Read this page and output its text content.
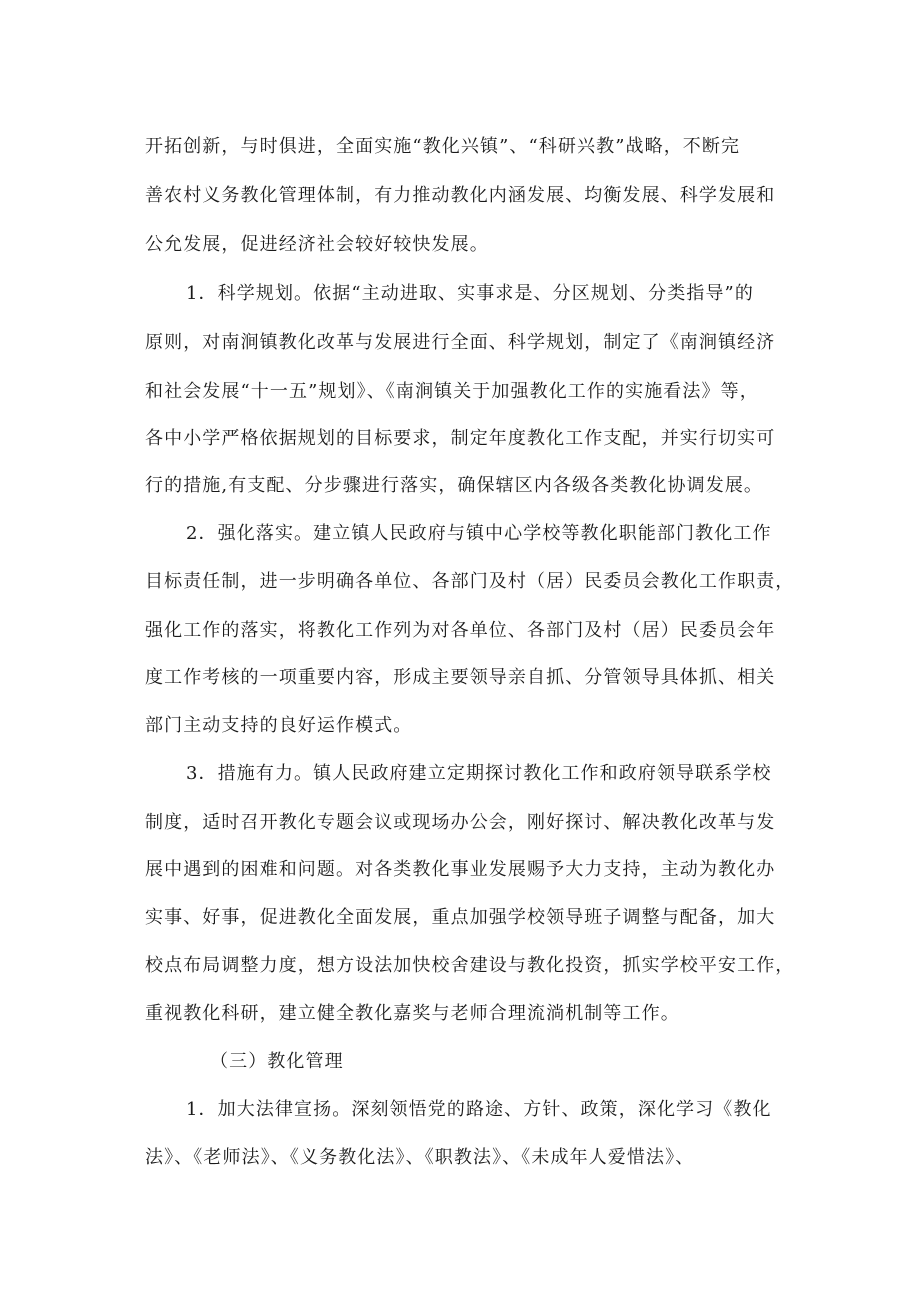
开拓创新，与时俱进，全面实施“教化兴镇”、“科研兴教”战略，不断完
善农村义务教化管理体制，有力推动教化内涵发展、均衡发展、科学发展和
公允发展，促进经济社会较好较快发展。
1．科学规划。依据“主动进取、实事求是、分区规划、分类指导”的
原则，对南涧镇教化改革与发展进行全面、科学规划，制定了《南涧镇经济
和社会发展“十一五”规划》、《南涧镇关于加强教化工作的实施看法》等，
各中小学严格依据规划的目标要求，制定年度教化工作支配，并实行切实可
行的措施,有支配、分步骤进行落实，确保辖区内各级各类教化协调发展。
2．强化落实。建立镇人民政府与镇中心学校等教化职能部门教化工作
目标责任制，进一步明确各单位、各部门及村（居）民委员会教化工作职责，
强化工作的落实，将教化工作列为对各单位、各部门及村（居）民委员会年
度工作考核的一项重要内容，形成主要领导亲自抓、分管领导具体抓、相关
部门主动支持的良好运作模式。
3．措施有力。镇人民政府建立定期探讨教化工作和政府领导联系学校
制度，适时召开教化专题会议或现场办公会，刚好探讨、解决教化改革与发
展中遇到的困难和问题。对各类教化事业发展赐予大力支持，主动为教化办
实事、好事，促进教化全面发展，重点加强学校领导班子调整与配备，加大
校点布局调整力度，想方设法加快校舍建设与教化投资，抓实学校平安工作，
重视教化科研，建立健全教化嘉奖与老师合理流淌机制等工作。
（三）教化管理
1．加大法律宣扬。深刻领悟党的路途、方针、政策，深化学习《教化
法》、《老师法》、《义务教化法》、《职教法》、《未成年人爱惜法》、
